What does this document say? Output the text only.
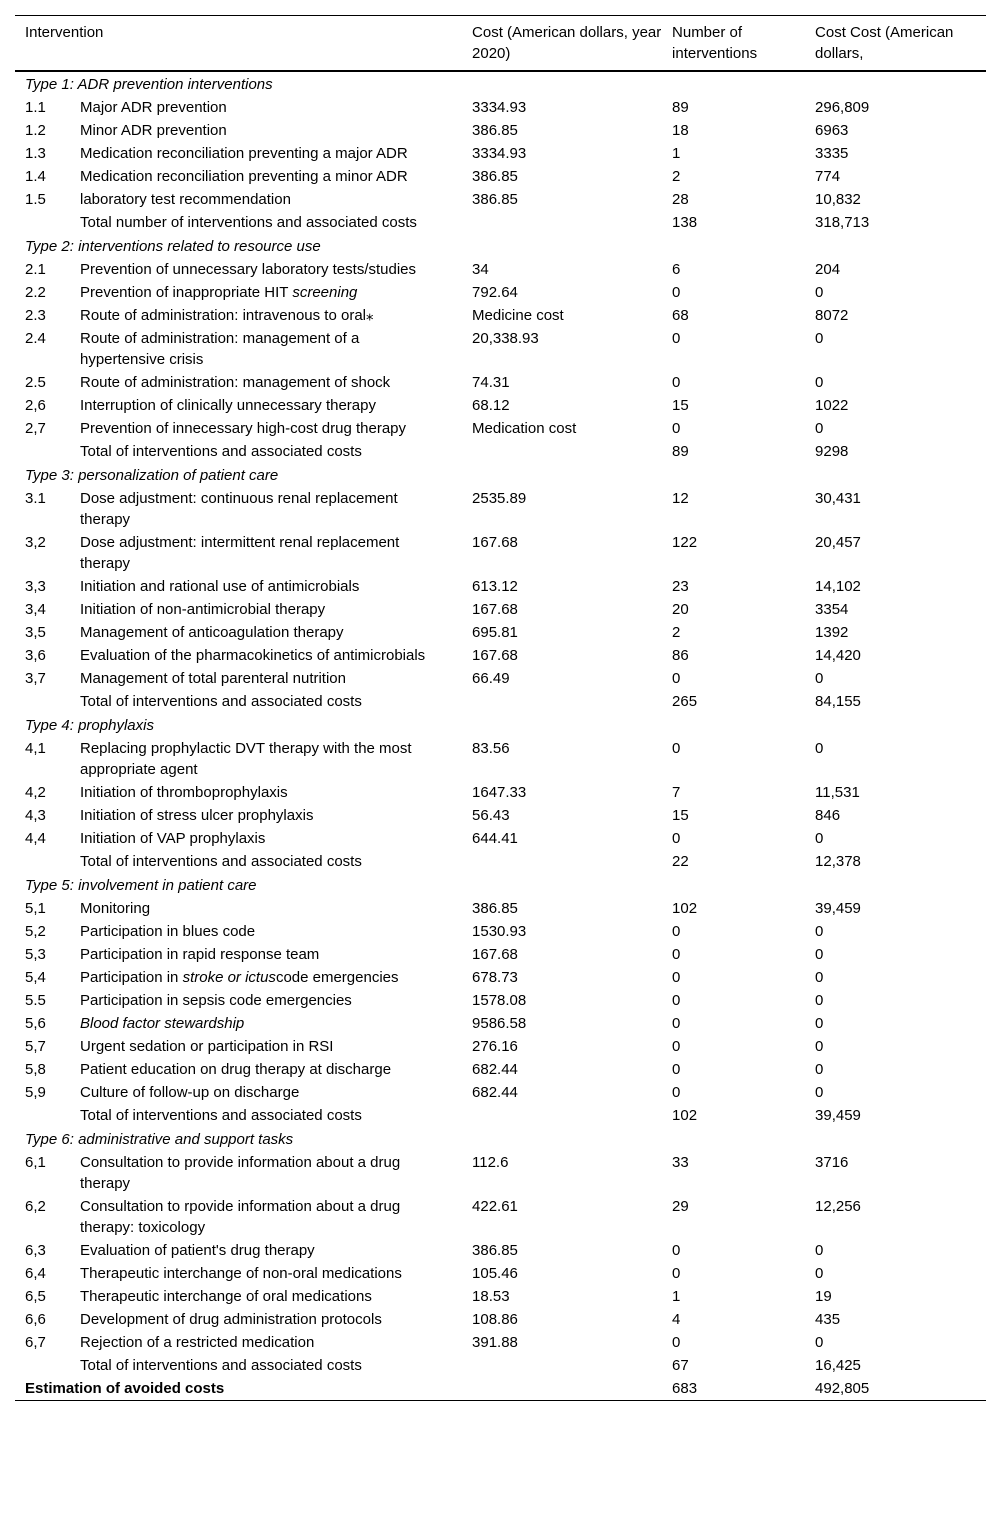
Intervention		Cost (American dollars, year 2020)	Number of interventions	Cost Cost (American dollars,
Type 1: ADR prevention interventions				
1.1	Major ADR prevention	3334.93	89	296,809
1.2	Minor ADR prevention	386.85	18	6963
1.3	Medication reconciliation preventing a major ADR	3334.93	1	3335
1.4	Medication reconciliation preventing a minor ADR	386.85	2	774
1.5	laboratory test recommendation	386.85	28	10,832
	Total number of interventions and associated costs		138	318,713
Type 2: interventions related to resource use				
2.1	Prevention of unnecessary laboratory tests/studies	34	6	204
2.2	Prevention of inappropriate HIT screening	792.64	0	0
2.3	Route of administration: intravenous to oral⁎	Medicine cost	68	8072
2.4	Route of administration: management of a hypertensive crisis	20,338.93	0	0
2.5	Route of administration: management of shock	74.31	0	0
2,6	Interruption of clinically unnecessary therapy	68.12	15	1022
2,7	Prevention of innecessary high-cost drug therapy	Medication cost	0	0
	Total of interventions and associated costs		89	9298
Type 3: personalization of patient care				
3.1	Dose adjustment: continuous renal replacement therapy	2535.89	12	30,431
3,2	Dose adjustment: intermittent renal replacement therapy	167.68	122	20,457
3,3	Initiation and rational use of antimicrobials	613.12	23	14,102
3,4	Initiation of non-antimicrobial therapy	167.68	20	3354
3,5	Management of anticoagulation therapy	695.81	2	1392
3,6	Evaluation of the pharmacokinetics of antimicrobials	167.68	86	14,420
3,7	Management of total parenteral nutrition	66.49	0	0
	Total of interventions and associated costs		265	84,155
Type 4: prophylaxis				
4,1	Replacing prophylactic DVT therapy with the most appropriate agent	83.56	0	0
4,2	Initiation of thromboprophylaxis	1647.33	7	11,531
4,3	Initiation of stress ulcer prophylaxis	56.43	15	846
4,4	Initiation of VAP prophylaxis	644.41	0	0
	Total of interventions and associated costs		22	12,378
Type 5: involvement in patient care				
5,1	Monitoring	386.85	102	39,459
5,2	Participation in blues code	1530.93	0	0
5,3	Participation in rapid response team	167.68	0	0
5,4	Participation in stroke or ictuscode emergencies	678.73	0	0
5.5	Participation in sepsis code emergencies	1578.08	0	0
5,6	Blood factor stewardship	9586.58	0	0
5,7	Urgent sedation or participation in RSI	276.16	0	0
5,8	Patient education on drug therapy at discharge	682.44	0	0
5,9	Culture of follow-up on discharge	682.44	0	0
	Total of interventions and associated costs		102	39,459
Type 6: administrative and support tasks				
6,1	Consultation to provide information about a drug therapy	112.6	33	3716
6,2	Consultation to rpovide information about a drug therapy: toxicology	422.61	29	12,256
6,3	Evaluation of patient's drug therapy	386.85	0	0
6,4	Therapeutic interchange of non-oral medications	105.46	0	0
6,5	Therapeutic interchange of oral medications	18.53	1	19
6,6	Development of drug administration protocols	108.86	4	435
6,7	Rejection of a restricted medication	391.88	0	0
	Total of interventions and associated costs		67	16,425
Estimation of avoided costs			683	492,805
